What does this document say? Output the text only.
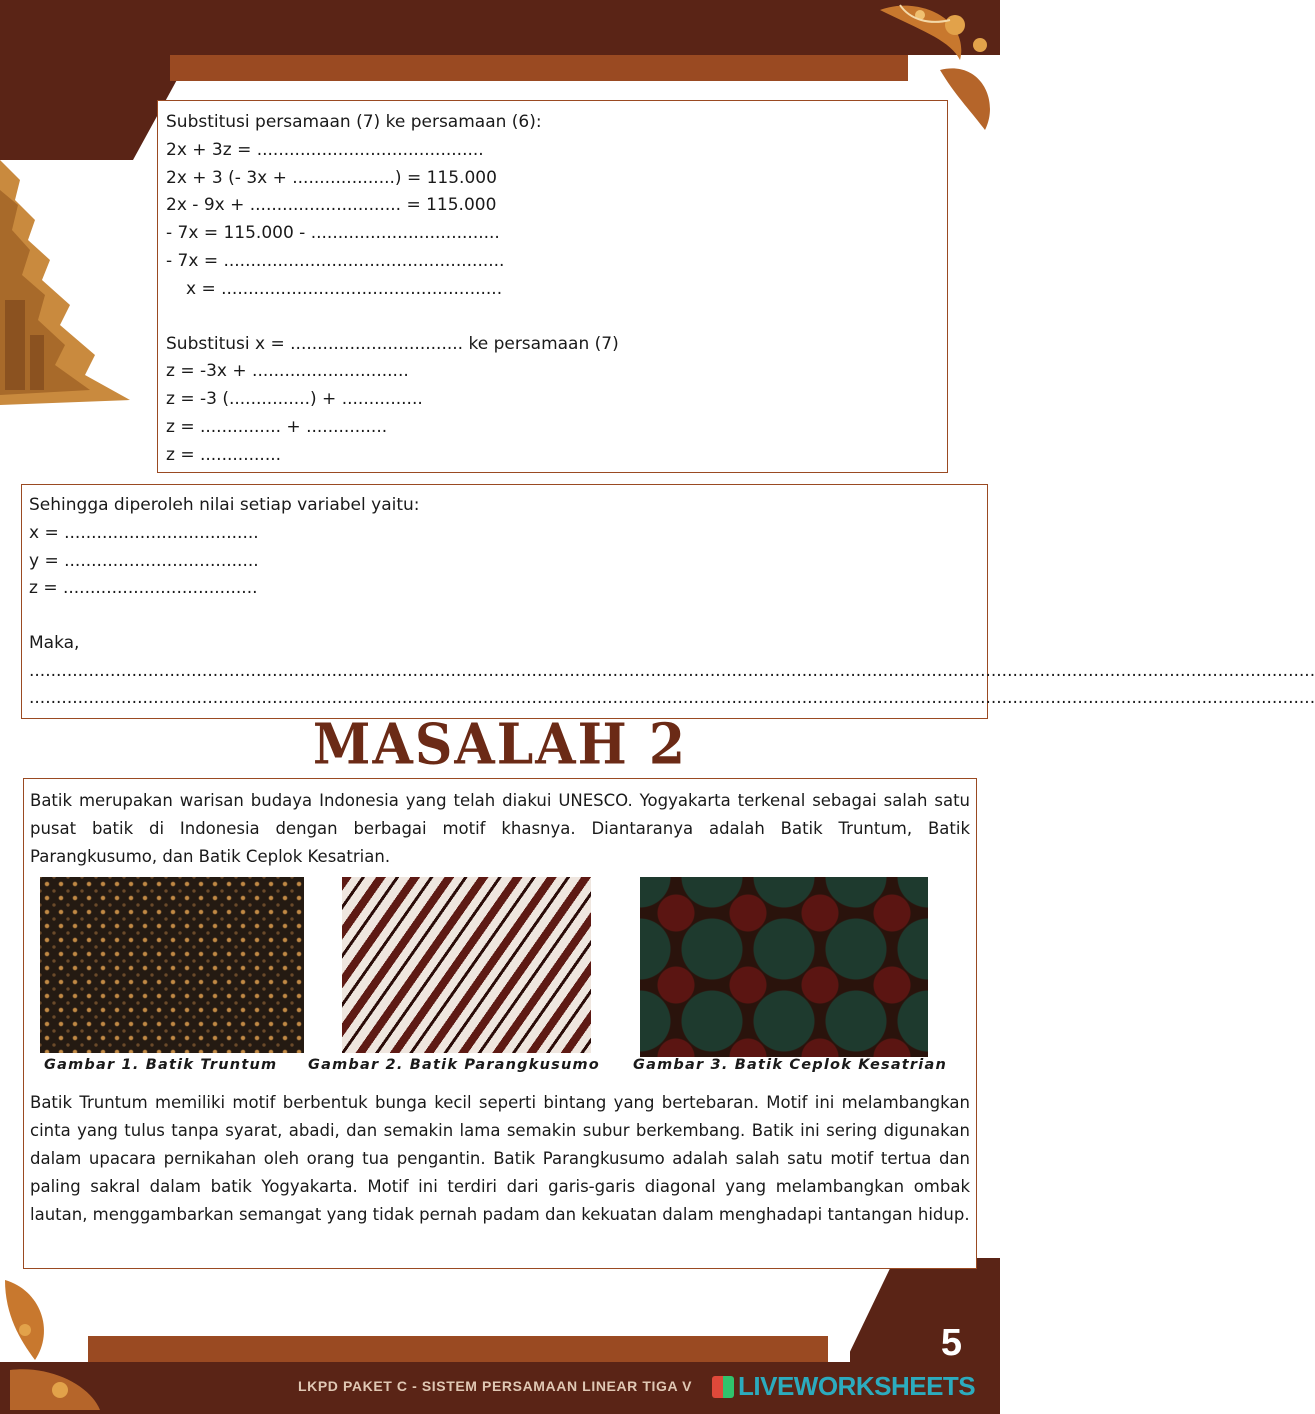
5
LKPD PAKET C - SISTEM PERSAMAAN LINEAR TIGA V	LIVEWORKSHEETS
Substitusi persamaan (7) ke persamaan (6):
2x + 3z = ..........................................
2x + 3 (- 3x + ...................) = 115.000
2x - 9x + ............................ = 115.000
- 7x = 115.000 - ...................................
- 7x = ....................................................
x = ....................................................
Substitusi x = ................................ ke persamaan (7)
z = -3x + .............................
z = -3 (...............) + ...............
z = ............... + ...............
z = ...............
Sehingga diperoleh nilai setiap variabel yaitu:
x = ....................................
y = ....................................
z = ....................................
Maka,
..............................................................................................................................................................................................................................................
..............................................................................................................................................................................................................................................
MASALAH 2

Batik merupakan warisan budaya Indonesia yang telah diakui UNESCO. Yogyakarta terkenal sebagai salah satu pusat batik di Indonesia dengan berbagai motif khasnya. Diantaranya adalah Batik Truntum, Batik Parangkusumo, dan Batik Ceplok Kesatrian.

Gambar 1. Batik Truntum Gambar 2. Batik Parangkusumo Gambar 3. Batik Ceplok Kesatrian

Batik Truntum memiliki motif berbentuk bunga kecil seperti bintang yang bertebaran. Motif ini melambangkan cinta yang tulus tanpa syarat, abadi, dan semakin lama semakin subur berkembang. Batik ini sering digunakan dalam upacara pernikahan oleh orang tua pengantin. Batik Parangkusumo adalah salah satu motif tertua dan paling sakral dalam batik Yogyakarta. Motif ini terdiri dari garis-garis diagonal yang melambangkan ombak lautan, menggambarkan semangat yang tidak pernah padam dan kekuatan dalam menghadapi tantangan hidup.
